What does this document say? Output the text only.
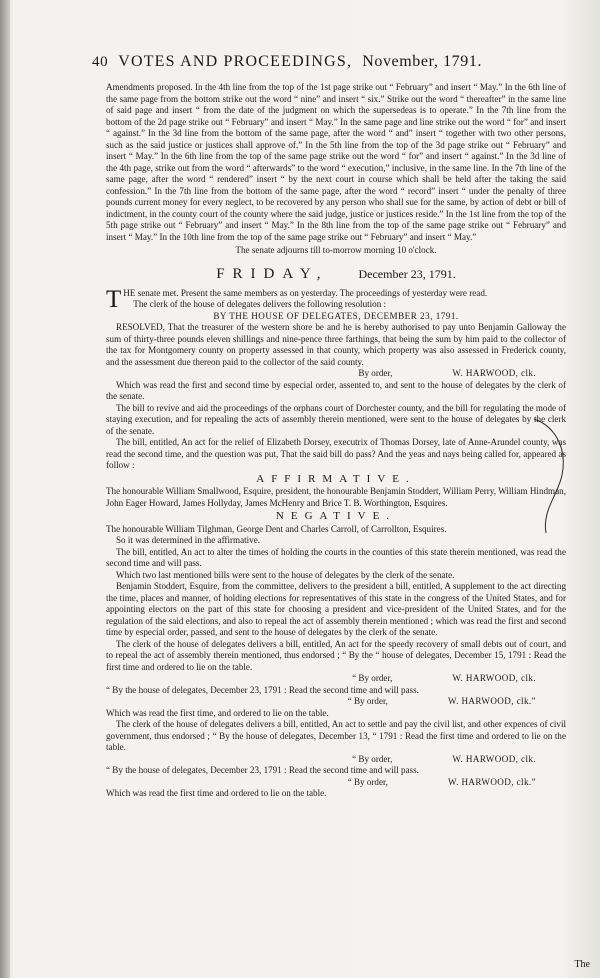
40 VOTES AND PROCEEDINGS, November, 1791.

Amendments proposed. In the 4th line from the top of the 1st page strike out “ February” and insert “ May.” In the 6th line of the same page from the bottom strike out the word “ nine” and insert “ six.” Strike out the word “ thereafter” in the same line of said page and insert “ from the date of the judgment on which the supersedeas is to operate.” In the 7th line from the bottom of the 2d page strike out “ February” and insert “ May.” In the same page and line strike out the word “ for” and insert “ against.” In the 3d line from the bottom of the same page, after the word “ and” insert “ together with two other persons, such as the said justice or justices shall approve of.” In the 5th line from the top of the 3d page strike out “ February” and insert “ May.” In the 6th line from the top of the same page strike out the word “ for” and insert “ against.” In the 3d line of the 4th page, strike out from the word “ afterwards” to the word “ execution,” inclusive, in the same line. In the 7th line of the same page, after the word “ rendered” insert “ by the next court in course which shall be held after the taking the said confession.” In the 7th line from the bottom of the same page, after the word “ record” insert “ under the penalty of three pounds current money for every neglect, to be recovered by any person who shall sue for the same, by action of debt or bill of indictment, in the county court of the county where the said judge, justice or justices reside.” In the 1st line from the top of the 5th page strike out “ February” and insert “ May.” In the 8th line from the top of the same page strike out “ February” and insert “ May.” In the 10th line from the top of the same page strike out “ February” and insert “ May.”

The senate adjourns till to-morrow morning 10 o'clock.

FRIDAY,	December 23, 1791.

THE senate met. Present the same members as on yesterday. The proceedings of yesterday were read.

The clerk of the house of delegates delivers the following resolution :

BY THE HOUSE OF DELEGATES, DECEMBER 23, 1791.

RESOLVED, That the treasurer of the western shore be and he is hereby authorised to pay unto Benjamin Galloway the sum of thirty-three pounds eleven shillings and nine-pence three farthings, that being the sum by him paid to the collector of the tax for Montgomery county on property assessed in that county, which property was also assessed in Frederick county, and the assessment due thereon paid to the collector of the said county.

By order,	W. HARWOOD, clk.

Which was read the first and second time by especial order, assented to, and sent to the house of delegates by the clerk of the senate.

The bill to revive and aid the proceedings of the orphans court of Dorchester county, and the bill for regulating the mode of staying execution, and for repealing the acts of assembly therein mentioned, were sent to the house of delegates by the clerk of the senate.

The bill, entitled, An act for the relief of Elizabeth Dorsey, executrix of Thomas Dorsey, late of Anne-Arundel county, was read the second time, and the question was put, That the said bill do pass? And the yeas and nays being called for, appeared as follow :

AFFIRMATIVE.

The honourable William Smallwood, Esquire, president, the honourable Benjamin Stoddert, William Perry, William Hindman, John Eager Howard, James Hollyday, James McHenry and Brice T. B. Worthington, Esquires.

NEGATIVE.

The honourable William Tilghman, George Dent and Charles Carroll, of Carrollton, Esquires.

So it was determined in the affirmative.

The bill, entitled, An act to alter the times of holding the courts in the counties of this state therein mentioned, was read the second time and will pass.

Which two last mentioned bills were sent to the house of delegates by the clerk of the senate.

Benjamin Stoddert, Esquire, from the committee, delivers to the president a bill, entitled, A supplement to the act directing the time, places and manner, of holding elections for representatives of this state in the congress of the United States, and for appointing electors on the part of this state for choosing a president and vice-president of the United States, and for the regulation of the said elections, and also to repeal the act of assembly therein mentioned ; which was read the first and second time by especial order, passed, and sent to the house of delegates by the clerk of the senate.

The clerk of the house of delegates delivers a bill, entitled, An act for the speedy recovery of small debts out of court, and to repeal the act of assembly therein mentioned, thus endorsed ; “ By the “ house of delegates, December 15, 1791 : Read the first time and ordered to lie on the table.

“ By order,	W. HARWOOD, clk.

“ By the house of delegates, December 23, 1791 : Read the second time and will pass.

“ By order,	W. HARWOOD, clk.”

Which was read the first time, and ordered to lie on the table.

The clerk of the house of delegates delivers a bill, entitled, An act to settle and pay the civil list, and other expences of civil government, thus endorsed ; “ By the house of delegates, December 13, “ 1791 : Read the first time and ordered to lie on the table.

“ By order,	W. HARWOOD, clk.

“ By the house of delegates, December 23, 1791 : Read the second time and will pass.

“ By order,	W. HARWOOD, clk.”

Which was read the first time and ordered to lie on the table.

The
